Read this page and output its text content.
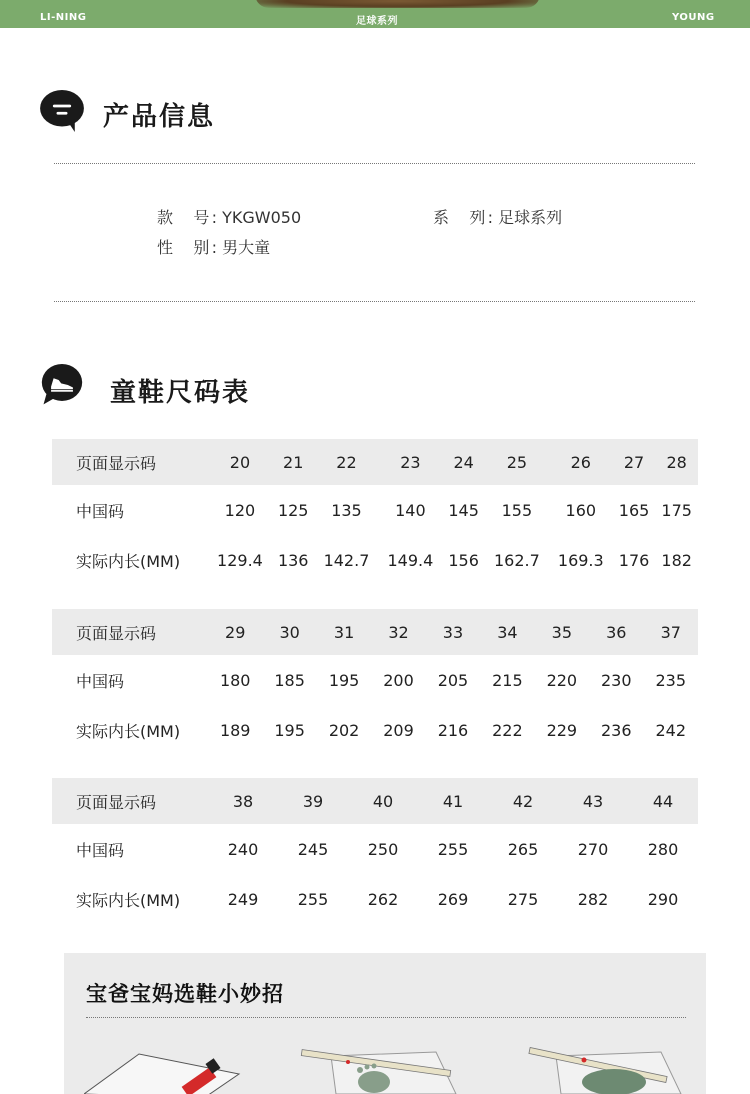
LI-NING	足球系列	YOUNG
产品信息
款　号: YKGW050	系　列: 足球系列
性　别: 男大童
童鞋尺码表
页面显示码	20	21	22	23	24	25	26	27	28
中国码	120	125	135	140	145	155	160	165	175
实际内长(MM)	129.4	136	142.7	149.4	156	162.7	169.3	176	182
页面显示码	29	30	31	32	33	34	35	36	37
中国码	180	185	195	200	205	215	220	230	235
实际内长(MM)	189	195	202	209	216	222	229	236	242
页面显示码	38	39	40	41	42	43	44
中国码	240	245	250	255	265	270	280
实际内长(MM)	249	255	262	269	275	282	290
宝爸宝妈选鞋小妙招
